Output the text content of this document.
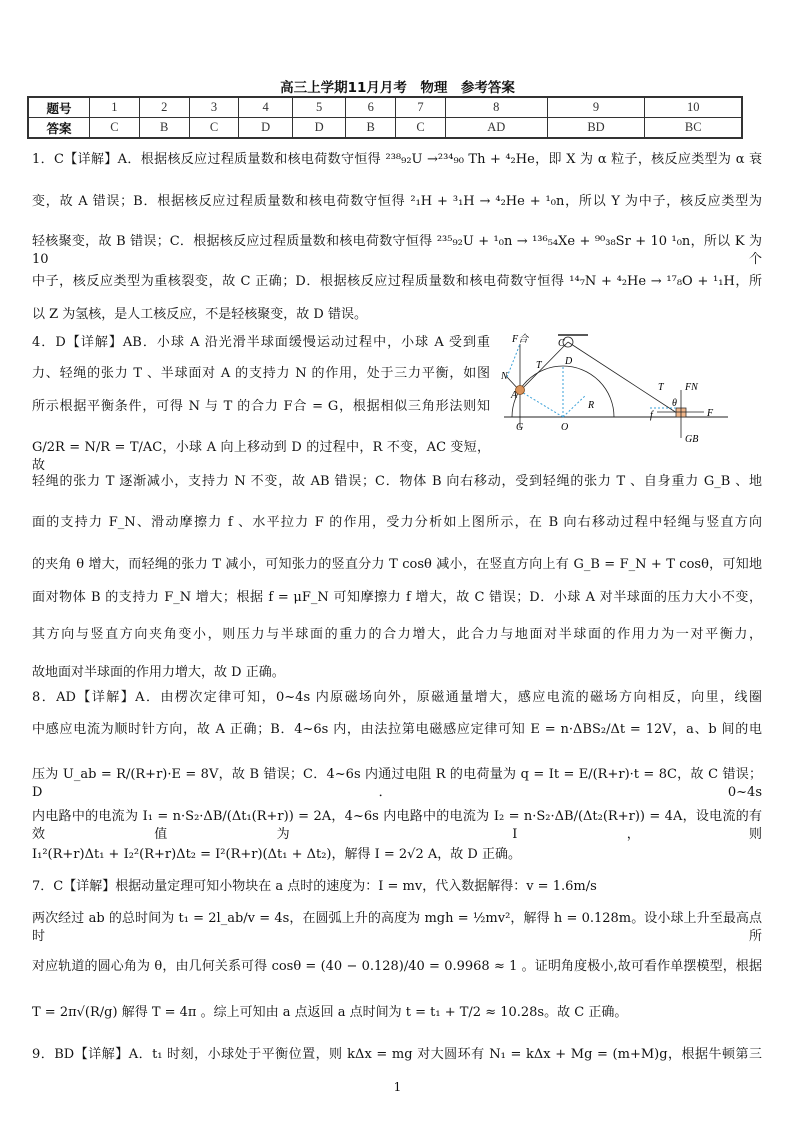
高三上学期11月月考　物理　参考答案
题号	1	2	3	4	5	6	7	8	9	10
答案	C	B	C	D	D	B	C	AD	BD	BC
1．C【详解】A．根据核反应过程质量数和核电荷数守恒得 ²³⁸₉₂U →²³⁴₉₀ Th + ⁴₂He，即 X 为 α 粒子，核反应类型为 α 衰
变，故 A 错误；B．根据核反应过程质量数和核电荷数守恒得 ²₁H + ³₁H → ⁴₂He + ¹₀n，所以 Y 为中子，核反应类型为
轻核聚变，故 B 错误；C．根据核反应过程质量数和核电荷数守恒得 ²³⁵₉₂U + ¹₀n → ¹³⁶₅₄Xe + ⁹⁰₃₈Sr + 10 ¹₀n，所以 K 为 10 个
中子，核反应类型为重核裂变，故 C 正确；D．根据核反应过程质量数和核电荷数守恒得 ¹⁴₇N + ⁴₂He → ¹⁷₈O + ¹₁H，所
以 Z 为氢核，是人工核反应，不是轻核聚变，故 D 错误。
4．D【详解】AB．小球 A 沿光滑半球面缓慢运动过程中，小球 A 受到重
力、轻绳的张力 T 、半球面对 A 的支持力 N 的作用，处于三力平衡，如图
所示根据平衡条件，可得 N 与 T 的合力 F合 = G，根据相似三角形法则知
G/2R = N/R = T/AC，小球 A 向上移动到 D 的过程中，R 不变，AC 变短，故
轻绳的张力 T 逐渐减小，支持力 N 不变，故 AB 错误；C．物体 B 向右移动，受到轻绳的张力 T 、自身重力 G_B 、地
面的支持力 F_N、滑动摩擦力 f 、水平拉力 F 的作用，受力分析如上图所示，在 B 向右移动过程中轻绳与竖直方向
的夹角 θ 增大，而轻绳的张力 T 减小，可知张力的竖直分力 T cosθ 减小，在竖直方向上有 G_B = F_N + T cosθ，可知地
面对物体 B 的支持力 F_N 增大；根据 f = μF_N 可知摩擦力 f 增大，故 C 错误；D．小球 A 对半球面的压力大小不变，
其方向与竖直方向夹角变小，则压力与半球面的重力的合力增大，此合力与地面对半球面的作用力为一对平衡力，
故地面对半球面的作用力增大，故 D 正确。
8．AD【详解】A．由楞次定律可知，0~4s 内原磁场向外，原磁通量增大，感应电流的磁场方向相反，向里，线圈
中感应电流为顺时针方向，故 A 正确；B．4~6s 内，由法拉第电磁感应定律可知 E = n·ΔBS₂/Δt = 12V，a、b 间的电
压为 U_ab = R/(R+r)·E = 8V，故 B 错误；C．4~6s 内通过电阻 R 的电荷量为 q = It = E/(R+r)·t = 8C，故 C 错误；D．0~4s
内电路中的电流为 I₁ = n·S₂·ΔB/(Δt₁(R+r)) = 2A，4~6s 内电路中的电流为 I₂ = n·S₂·ΔB/(Δt₂(R+r)) = 4A，设电流的有效值为 I，则
I₁²(R+r)Δt₁ + I₂²(R+r)Δt₂ = I²(R+r)(Δt₁ + Δt₂)，解得 I = 2√2 A，故 D 正确。
7．C【详解】根据动量定理可知小物块在 a 点时的速度为：I = mv，代入数据解得：v = 1.6m/s
两次经过 ab 的总时间为 t₁ = 2l_ab/v = 4s，在圆弧上升的高度为 mgh = ½mv²，解得 h = 0.128m。设小球上升至最高点时所
对应轨道的圆心角为 θ，由几何关系可得 cosθ = (40 − 0.128)/40 = 0.9968 ≈ 1 。证明角度极小,故可看作单摆模型，根据
T = 2π√(R/g) 解得 T = 4π 。综上可知由 a 点返回 a 点时间为 t = t₁ + T/2 ≈ 10.28s。故 C 正确。
9．BD【详解】A．t₁ 时刻，小球处于平衡位置，则 kΔx = mg 对大圆环有 N₁ = kΔx + Mg = (m+M)g，根据牛顿第三
F合	C
N
T D
A
R
G	O
T FN
θ
f	F
GB
1
